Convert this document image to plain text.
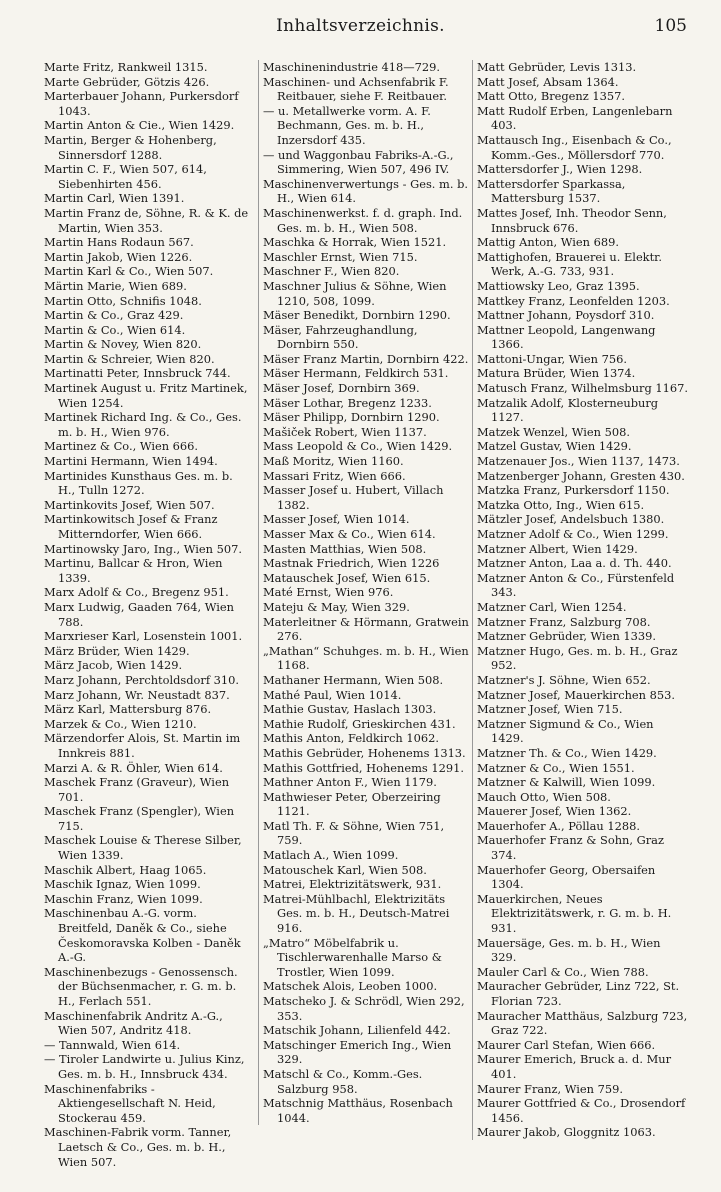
Inhaltsverzeichnis.	105

Marte Fritz, Rankweil 1315.

Marte Gebrüder, Götzis 426.

Marterbauer Johann, Purkersdorf 1043.

Martin Anton & Cie., Wien 1429.

Martin, Berger & Hohenberg, Sinnersdorf 1288.

Martin C. F., Wien 507, 614, Siebenhirten 456.

Martin Carl, Wien 1391.

Martin Franz de, Söhne, R. & K. de Martin, Wien 353.

Martin Hans Rodaun 567.

Martin Jakob, Wien 1226.

Martin Karl & Co., Wien 507.

Märtin Marie, Wien 689.

Martin Otto, Schnifis 1048.

Martin & Co., Graz 429.

Martin & Co., Wien 614.

Martin & Novey, Wien 820.

Martin & Schreier, Wien 820.

Martinatti Peter, Innsbruck 744.

Martinek August u. Fritz Martinek, Wien 1254.

Martinek Richard Ing. & Co., Ges. m. b. H., Wien 976.

Martinez & Co., Wien 666.

Martini Hermann, Wien 1494.

Martinides Kunsthaus Ges. m. b. H., Tulln 1272.

Martinkovits Josef, Wien 507.

Martinkowitsch Josef & Franz Mitterndorfer, Wien 666.

Martinowsky Jaro, Ing., Wien 507.

Martinu, Ballcar & Hron, Wien 1339.

Marx Adolf & Co., Bregenz 951.

Marx Ludwig, Gaaden 764, Wien 788.

Marxrieser Karl, Losenstein 1001.

März Brüder, Wien 1429.

März Jacob, Wien 1429.

Marz Johann, Perchtoldsdorf 310.

Marz Johann, Wr. Neustadt 837.

März Karl, Mattersburg 876.

Marzek & Co., Wien 1210.

Märzendorfer Alois, St. Martin im Innkreis 881.

Marzi A. & R. Öhler, Wien 614.

Maschek Franz (Graveur), Wien 701.

Maschek Franz (Spengler), Wien 715.

Maschek Louise & Therese Silber, Wien 1339.

Maschik Albert, Haag 1065.

Maschik Ignaz, Wien 1099.

Maschin Franz, Wien 1099.

Maschinenbau A.-G. vorm. Breitfeld, Daněk & Co., siehe Českomoravska Kolben - Daněk A.-G.

Maschinenbezugs - Genossensch. der Büchsenmacher, r. G. m. b. H., Ferlach 551.

Maschinenfabrik Andritz A.-G., Wien 507, Andritz 418.

— Tannwald, Wien 614.

— Tiroler Landwirte u. Julius Kinz, Ges. m. b. H., Innsbruck 434.

Maschinenfabriks - Aktiengesellschaft N. Heid, Stockerau 459.

Maschinen-Fabrik vorm. Tanner, Laetsch & Co., Ges. m. b. H., Wien 507.

Maschinenindustrie 418—729.

Maschinen- und Achsenfabrik F. Reitbauer, siehe F. Reitbauer.

— u. Metallwerke vorm. A. F. Bechmann, Ges. m. b. H., Inzersdorf 435.

— und Waggonbau Fabriks-A.-G., Simmering, Wien 507, 496 IV.

Maschinenverwertungs - Ges. m. b. H., Wien 614.

Maschinenwerkst. f. d. graph. Ind. Ges. m. b. H., Wien 508.

Maschka & Horrak, Wien 1521.

Maschler Ernst, Wien 715.

Maschner F., Wien 820.

Maschner Julius & Söhne, Wien 1210, 508, 1099.

Mäser Benedikt, Dornbirn 1290.

Mäser, Fahrzeughandlung, Dornbirn 550.

Mäser Franz Martin, Dornbirn 422.

Mäser Hermann, Feldkirch 531.

Mäser Josef, Dornbirn 369.

Mäser Lothar, Bregenz 1233.

Mäser Philipp, Dornbirn 1290.

Mašiček Robert, Wien 1137.

Mass Leopold & Co., Wien 1429.

Maß Moritz, Wien 1160.

Massari Fritz, Wien 666.

Masser Josef u. Hubert, Villach 1382.

Masser Josef, Wien 1014.

Masser Max & Co., Wien 614.

Masten Matthias, Wien 508.

Mastnak Friedrich, Wien 1226

Matauschek Josef, Wien 615.

Maté Ernst, Wien 976.

Mateju & May, Wien 329.

Materleitner & Hörmann, Gratwein 276.

„Mathan“ Schuhges. m. b. H., Wien 1168.

Mathaner Hermann, Wien 508.

Mathé Paul, Wien 1014.

Mathie Gustav, Haslach 1303.

Mathie Rudolf, Grieskirchen 431.

Mathis Anton, Feldkirch 1062.

Mathis Gebrüder, Hohenems 1313.

Mathis Gottfried, Hohenems 1291.

Mathner Anton F., Wien 1179.

Mathwieser Peter, Oberzeiring 1121.

Matl Th. F. & Söhne, Wien 751, 759.

Matlach A., Wien 1099.

Matouschek Karl, Wien 508.

Matrei, Elektrizitätswerk, 931.

Matrei-Mühlbachl, Elektrizitäts Ges. m. b. H., Deutsch-Matrei 916.

„Matro“ Möbelfabrik u. Tischlerwarenhalle Marso & Trostler, Wien 1099.

Matschek Alois, Leoben 1000.

Matscheko J. & Schrödl, Wien 292, 353.

Matschik Johann, Lilienfeld 442.

Matschinger Emerich Ing., Wien 329.

Matschl & Co., Komm.-Ges. Salzburg 958.

Matschnig Matthäus, Rosenbach 1044.

Matt Gebrüder, Levis 1313.

Matt Josef, Absam 1364.

Matt Otto, Bregenz 1357.

Matt Rudolf Erben, Langenlebarn 403.

Mattausch Ing., Eisenbach & Co., Komm.-Ges., Möllersdorf 770.

Mattersdorfer J., Wien 1298.

Mattersdorfer Sparkassa, Mattersburg 1537.

Mattes Josef, Inh. Theodor Senn, Innsbruck 676.

Mattig Anton, Wien 689.

Mattighofen, Brauerei u. Elektr. Werk, A.-G. 733, 931.

Mattiowsky Leo, Graz 1395.

Mattkey Franz, Leonfelden 1203.

Mattner Johann, Poysdorf 310.

Mattner Leopold, Langenwang 1366.

Mattoni-Ungar, Wien 756.

Matura Brüder, Wien 1374.

Matusch Franz, Wilhelmsburg 1167.

Matzalik Adolf, Klosterneuburg 1127.

Matzek Wenzel, Wien 508.

Matzel Gustav, Wien 1429.

Matzenauer Jos., Wien 1137, 1473.

Matzenberger Johann, Gresten 430.

Matzka Franz, Purkersdorf 1150.

Matzka Otto, Ing., Wien 615.

Mätzler Josef, Andelsbuch 1380.

Matzner Adolf & Co., Wien 1299.

Matzner Albert, Wien 1429.

Matzner Anton, Laa a. d. Th. 440.

Matzner Anton & Co., Fürstenfeld 343.

Matzner Carl, Wien 1254.

Matzner Franz, Salzburg 708.

Matzner Gebrüder, Wien 1339.

Matzner Hugo, Ges. m. b. H., Graz 952.

Matzner's J. Söhne, Wien 652.

Matzner Josef, Mauerkirchen 853.

Matzner Josef, Wien 715.

Matzner Sigmund & Co., Wien 1429.

Matzner Th. & Co., Wien 1429.

Matzner & Co., Wien 1551.

Matzner & Kalwill, Wien 1099.

Mauch Otto, Wien 508.

Mauerer Josef, Wien 1362.

Mauerhofer A., Pöllau 1288.

Mauerhofer Franz & Sohn, Graz 374.

Mauerhofer Georg, Obersaifen 1304.

Mauerkirchen, Neues Elektrizitätswerk, r. G. m. b. H. 931.

Mauersäge, Ges. m. b. H., Wien 329.

Mauler Carl & Co., Wien 788.

Mauracher Gebrüder, Linz 722, St. Florian 723.

Mauracher Matthäus, Salzburg 723, Graz 722.

Maurer Carl Stefan, Wien 666.

Maurer Emerich, Bruck a. d. Mur 401.

Maurer Franz, Wien 759.

Maurer Gottfried & Co., Drosendorf 1456.

Maurer Jakob, Gloggnitz 1063.
